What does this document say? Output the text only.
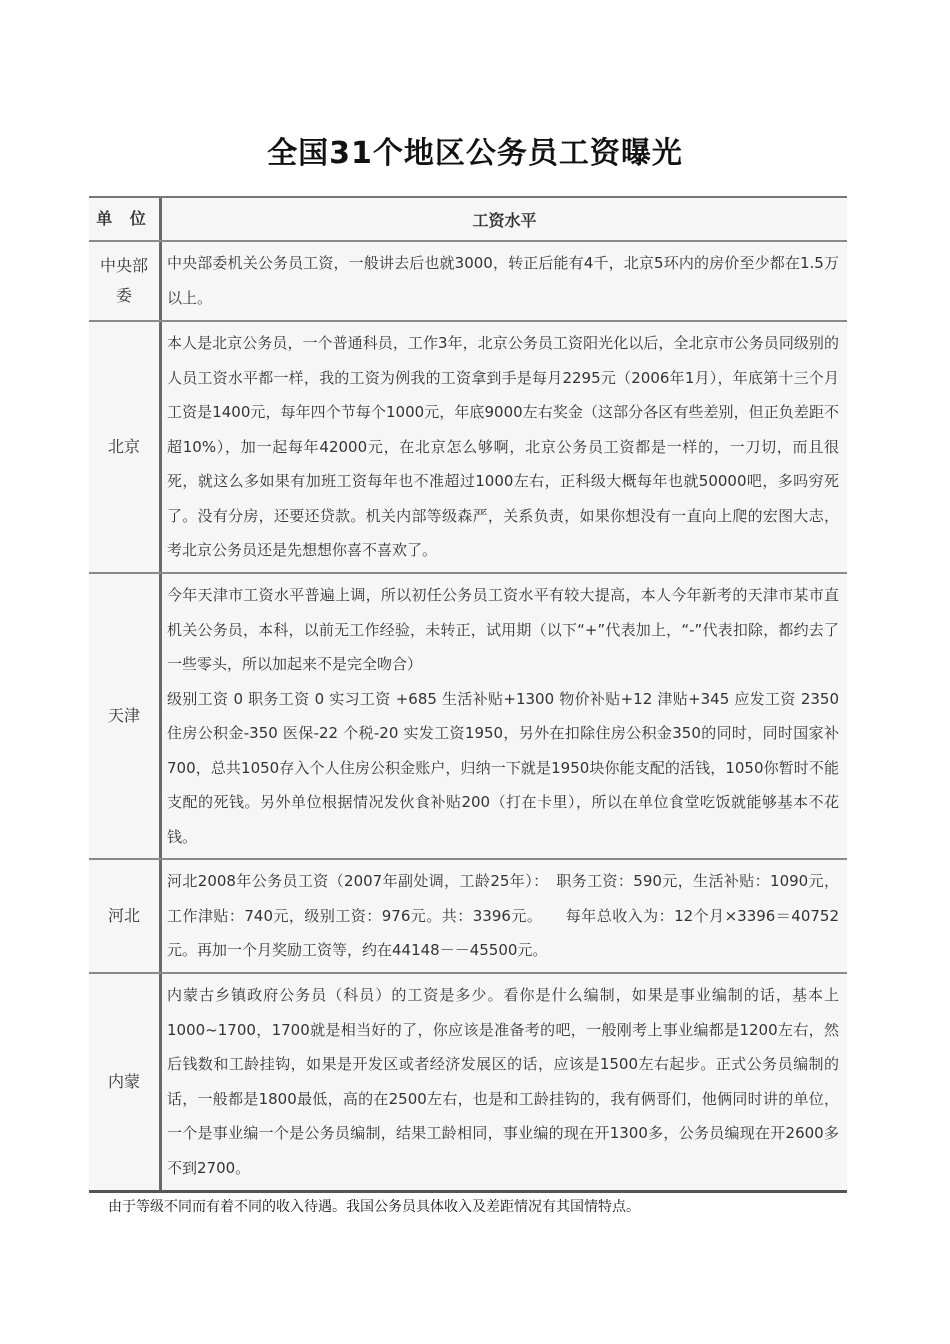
全国31个地区公务员工资曝光
单 位	工资水平
中央部委

中央部委机关公务员工资，一般讲去后也就3000，转正后能有4千，北京5环内的房价至少都在1.5万以上。

北京

本人是北京公务员，一个普通科员，工作3年，北京公务员工资阳光化以后，全北京市公务员同级别的人员工资水平都一样，我的工资为例我的工资拿到手是每月2295元（2006年1月），年底第十三个月工资是1400元，每年四个节每个1000元，年底9000左右奖金（这部分各区有些差别，但正负差距不超10%），加一起每年42000元，在北京怎么够啊，北京公务员工资都是一样的，一刀切，而且很死，就这么多如果有加班工资每年也不准超过1000左右，正科级大概每年也就50000吧，多吗穷死了。没有分房，还要还贷款。机关内部等级森严，关系负责，如果你想没有一直向上爬的宏图大志，考北京公务员还是先想想你喜不喜欢了。

天津

今年天津市工资水平普遍上调，所以初任公务员工资水平有较大提高，本人今年新考的天津市某市直机关公务员，本科，以前无工作经验，未转正，试用期（以下“+”代表加上，“-”代表扣除，都约去了一些零头，所以加起来不是完全吻合）

级别工资 0 职务工资 0 实习工资 +685 生活补贴+1300 物价补贴+12 津贴+345 应发工资 2350 住房公积金-350 医保-22 个税-20 实发工资1950，另外在扣除住房公积金350的同时，同时国家补700，总共1050存入个人住房公积金账户，归纳一下就是1950块你能支配的活钱，1050你暂时不能支配的死钱。另外单位根据情况发伙食补贴200（打在卡里），所以在单位食堂吃饭就能够基本不花钱。

河北

河北2008年公务员工资（2007年副处调，工龄25年）：　职务工资：590元，生活补贴：1090元，工作津贴：740元，级别工资：976元。共：3396元。　　每年总收入为：12个月×3396＝40752元。再加一个月奖励工资等，约在44148－－45500元。

内蒙

内蒙古乡镇政府公务员（科员）的工资是多少。看你是什么编制，如果是事业编制的话，基本上1000~1700，1700就是相当好的了，你应该是准备考的吧，一般刚考上事业编都是1200左右，然后钱数和工龄挂钩，如果是开发区或者经济发展区的话，应该是1500左右起步。正式公务员编制的话，一般都是1800最低，高的在2500左右，也是和工龄挂钩的，我有俩哥们，他俩同时讲的单位，一个是事业编一个是公务员编制，结果工龄相同，事业编的现在开1300多，公务员编现在开2600多不到2700。

由于等级不同而有着不同的收入待遇。我国公务员具体收入及差距情况有其国情特点。
